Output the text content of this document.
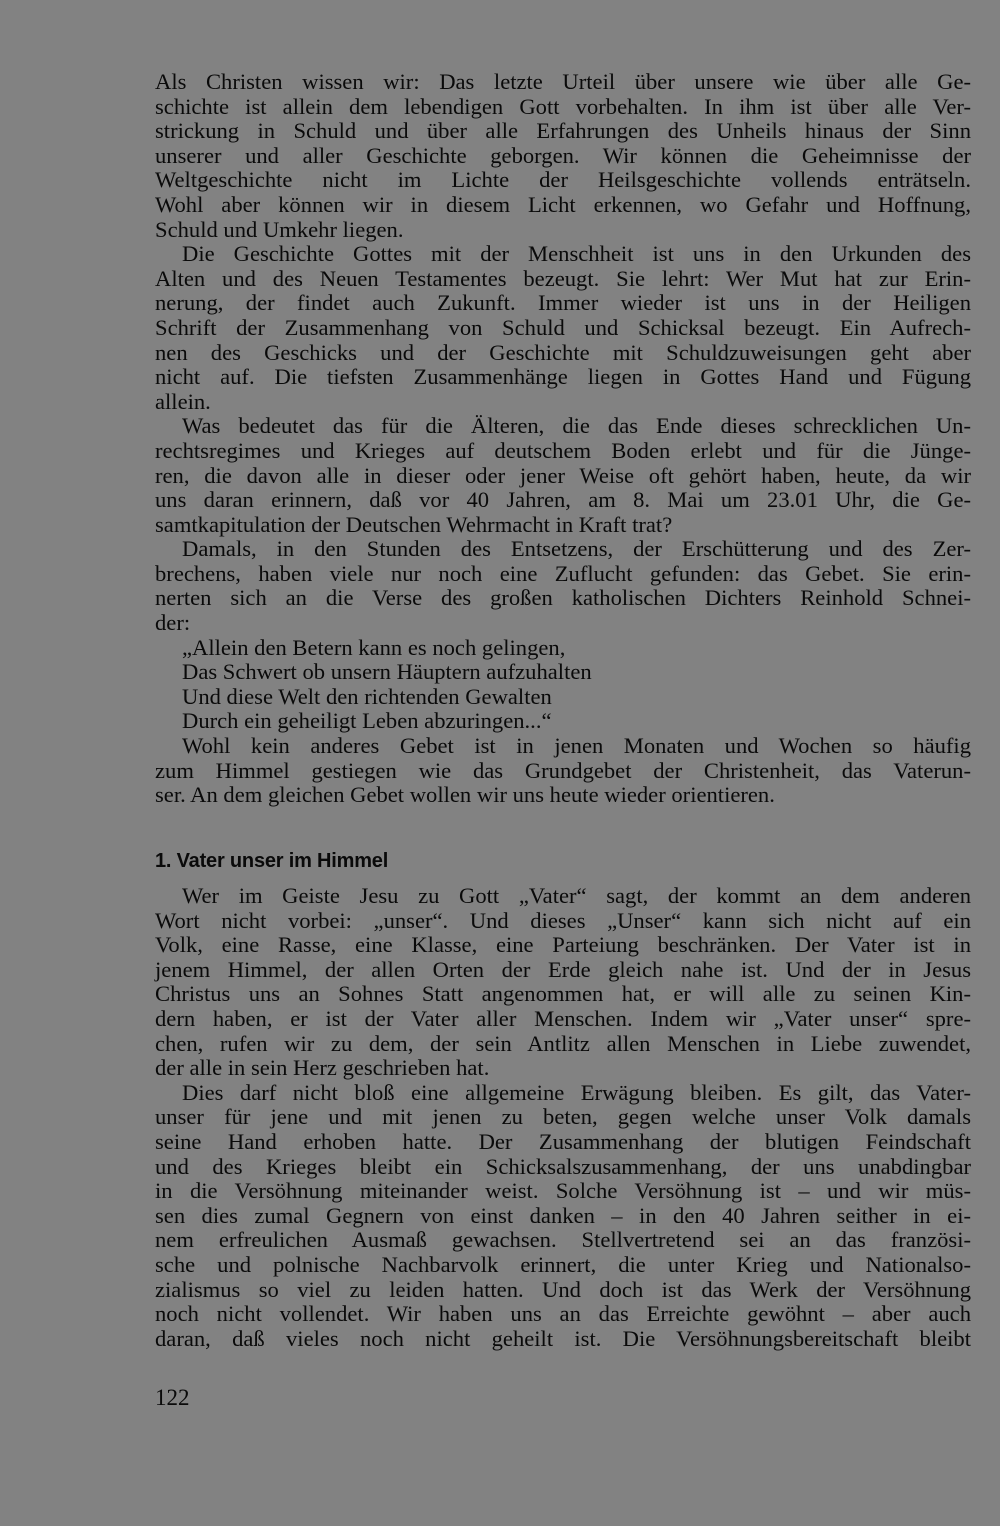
Als Christen wissen wir: Das letzte Urteil über unsere wie über alle Ge-
schichte ist allein dem lebendigen Gott vorbehalten. In ihm ist über alle Ver-
strickung in Schuld und über alle Erfahrungen des Unheils hinaus der Sinn
unserer und aller Geschichte geborgen. Wir können die Geheimnisse der
Weltgeschichte nicht im Lichte der Heilsgeschichte vollends enträtseln.
Wohl aber können wir in diesem Licht erkennen, wo Gefahr und Hoffnung,
Schuld und Umkehr liegen.
Die Geschichte Gottes mit der Menschheit ist uns in den Urkunden des
Alten und des Neuen Testamentes bezeugt. Sie lehrt: Wer Mut hat zur Erin-
nerung, der findet auch Zukunft. Immer wieder ist uns in der Heiligen
Schrift der Zusammenhang von Schuld und Schicksal bezeugt. Ein Aufrech-
nen des Geschicks und der Geschichte mit Schuldzuweisungen geht aber
nicht auf. Die tiefsten Zusammenhänge liegen in Gottes Hand und Fügung
allein.
Was bedeutet das für die Älteren, die das Ende dieses schrecklichen Un-
rechtsregimes und Krieges auf deutschem Boden erlebt und für die Jünge-
ren, die davon alle in dieser oder jener Weise oft gehört haben, heute, da wir
uns daran erinnern, daß vor 40 Jahren, am 8. Mai um 23.01 Uhr, die Ge-
samtkapitulation der Deutschen Wehrmacht in Kraft trat?
Damals, in den Stunden des Entsetzens, der Erschütterung und des Zer-
brechens, haben viele nur noch eine Zuflucht gefunden: das Gebet. Sie erin-
nerten sich an die Verse des großen katholischen Dichters Reinhold Schnei-
der:
„Allein den Betern kann es noch gelingen,
Das Schwert ob unsern Häuptern aufzuhalten
Und diese Welt den richtenden Gewalten
Durch ein geheiligt Leben abzuringen...“
Wohl kein anderes Gebet ist in jenen Monaten und Wochen so häufig
zum Himmel gestiegen wie das Grundgebet der Christenheit, das Vaterun-
ser. An dem gleichen Gebet wollen wir uns heute wieder orientieren.
1. Vater unser im Himmel
Wer im Geiste Jesu zu Gott „Vater“ sagt, der kommt an dem anderen
Wort nicht vorbei: „unser“. Und dieses „Unser“ kann sich nicht auf ein
Volk, eine Rasse, eine Klasse, eine Parteiung beschränken. Der Vater ist in
jenem Himmel, der allen Orten der Erde gleich nahe ist. Und der in Jesus
Christus uns an Sohnes Statt angenommen hat, er will alle zu seinen Kin-
dern haben, er ist der Vater aller Menschen. Indem wir „Vater unser“ spre-
chen, rufen wir zu dem, der sein Antlitz allen Menschen in Liebe zuwendet,
der alle in sein Herz geschrieben hat.
Dies darf nicht bloß eine allgemeine Erwägung bleiben. Es gilt, das Vater-
unser für jene und mit jenen zu beten, gegen welche unser Volk damals
seine Hand erhoben hatte. Der Zusammenhang der blutigen Feindschaft
und des Krieges bleibt ein Schicksalszusammenhang, der uns unabdingbar
in die Versöhnung miteinander weist. Solche Versöhnung ist – und wir müs-
sen dies zumal Gegnern von einst danken – in den 40 Jahren seither in ei-
nem erfreulichen Ausmaß gewachsen. Stellvertretend sei an das französi-
sche und polnische Nachbarvolk erinnert, die unter Krieg und Nationalso-
zialismus so viel zu leiden hatten. Und doch ist das Werk der Versöhnung
noch nicht vollendet. Wir haben uns an das Erreichte gewöhnt – aber auch
daran, daß vieles noch nicht geheilt ist. Die Versöhnungsbereitschaft bleibt
122
